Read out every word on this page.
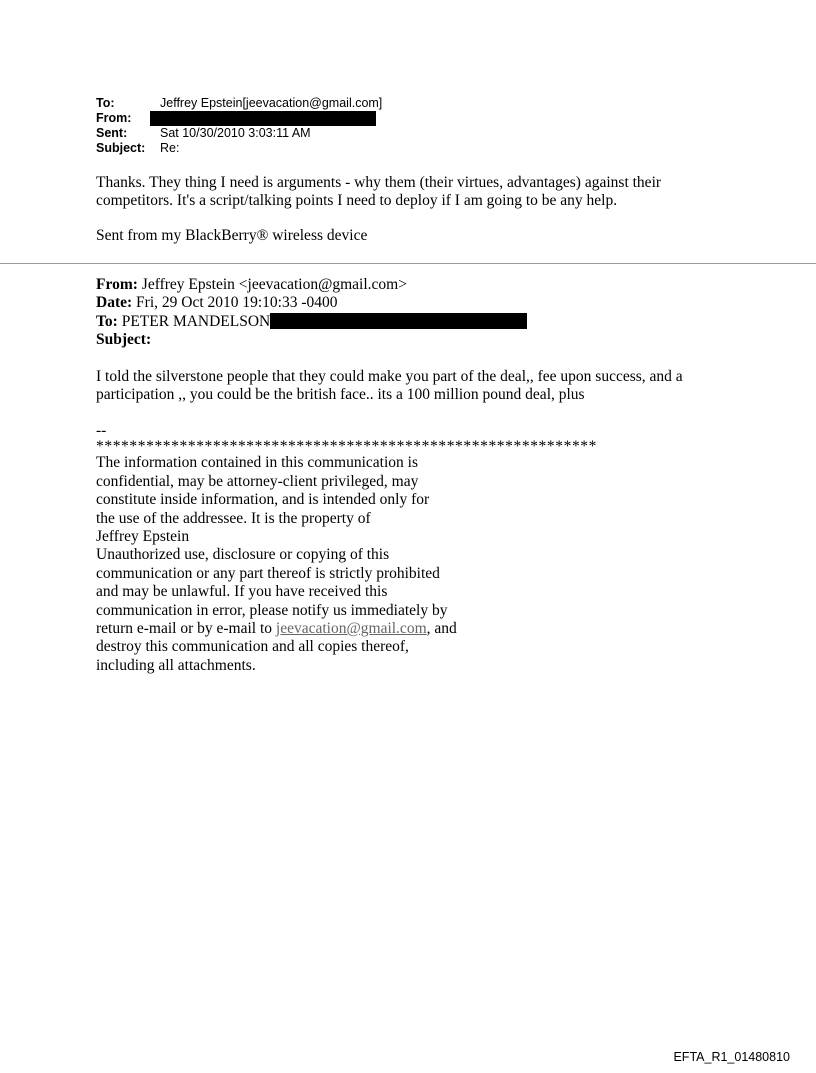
To:	Jeffrey Epstein[jeevacation@gmail.com]
From:
Sent:	Sat 10/30/2010 3:03:11 AM
Subject:	Re:

Thanks. They thing I need is arguments - why them (their virtues, advantages) against their competitors. It's a script/talking points I need to deploy if I am going to be any help.

Sent from my BlackBerry® wireless device
From: Jeffrey Epstein <jeevacation@gmail.com>
Date: Fri, 29 Oct 2010 19:10:33 -0400
To: PETER MANDELSON
Subject:

I told the silverstone people that they could make you part of the deal,, fee upon success, and a participation ,, you could be the british face.. its a 100 million pound deal, plus

--
************************************************************
The information contained in this communication is
confidential, may be attorney-client privileged, may
constitute inside information, and is intended only for
the use of the addressee. It is the property of
Jeffrey Epstein
Unauthorized use, disclosure or copying of this
communication or any part thereof is strictly prohibited
and may be unlawful. If you have received this
communication in error, please notify us immediately by
return e-mail or by e-mail to jeevacation@gmail.com, and
destroy this communication and all copies thereof,
including all attachments.
EFTA_R1_01480810
